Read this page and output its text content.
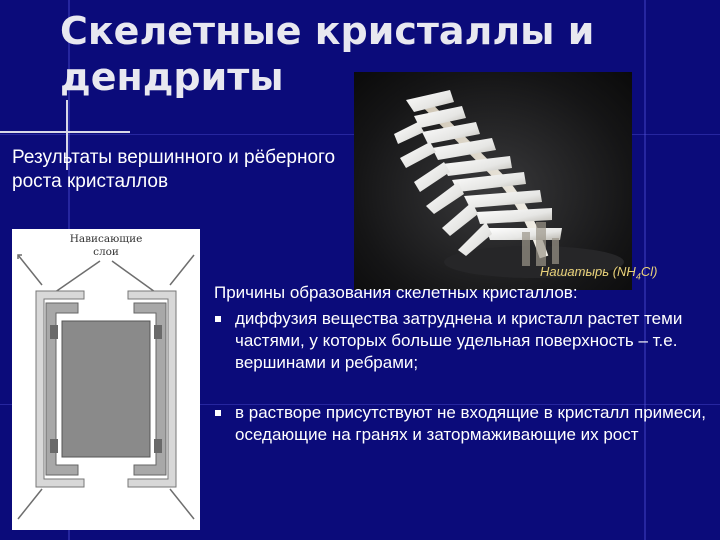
Скелетные кристаллы и дендриты

Результаты вершинного и рёберного роста кристаллов

Нашатырь $(NH_4Cl)$
Нависающие
слои

Причины образования скелетных кристаллов:

диффузия вещества затруднена и кристалл растет теми частями, у которых больше удельная поверхность – т.е. вершинами и ребрами;
в растворе присутствуют не входящие в кристалл примеси, оседающие на гранях и затормаживающие их рост
